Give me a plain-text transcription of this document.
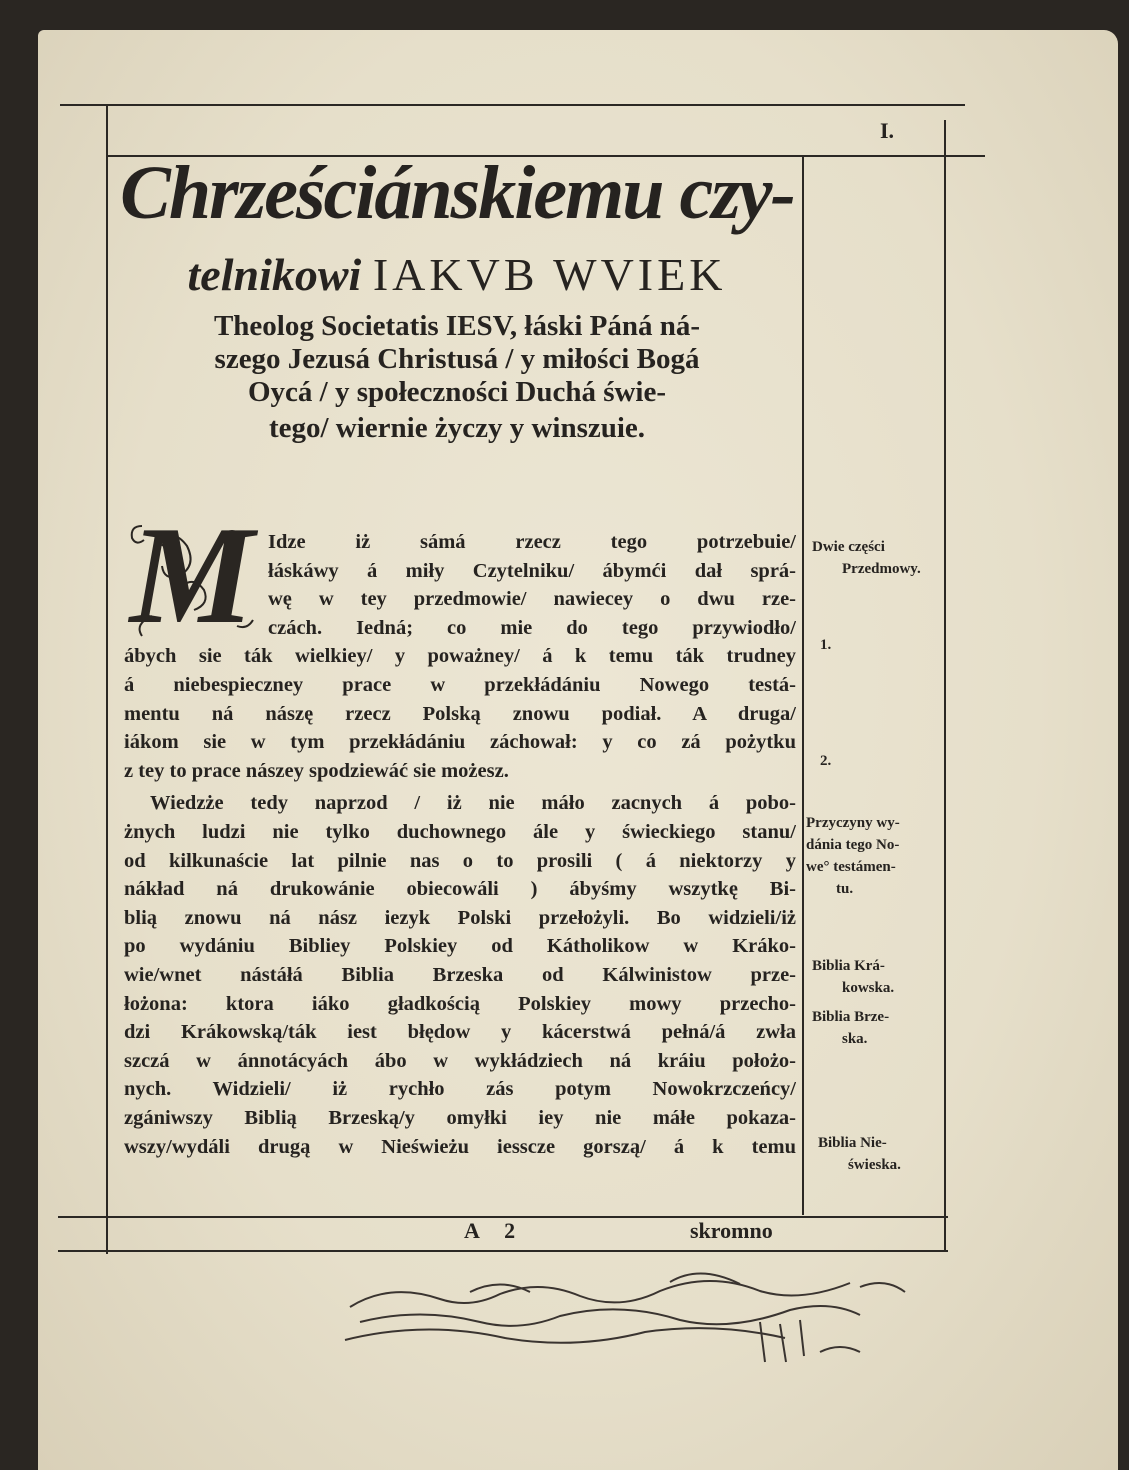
I.
Chrześciánskiemu czy-
telnikowi IAKVB WVIEK
Theolog Societatis IESV, łáski Páná ná-
szego Jezusá Christusá / y miłości Bogá
Oycá / y społeczności Duchá świe-
tego/ wiernie życzy y winszuie.
M Idze iż sámá rzecz tego potrzebuie/
łáskáwy á miły Czytelniku/ ábymći dał sprá-
wę w tey przedmowie/ nawiecey o dwu rze-
czách. Iedná; co mie do tego przywiodło/
ábych sie ták wielkiey/ y poważney/ á k temu ták trudney
á niebespieczney prace w przekłádániu Nowego testá-
mentu ná nászę rzecz Polską znowu podiał. A druga/
iákom sie w tym przekłádániu záchował: y co zá pożytku
z tey to prace nászey spodziewáć sie możesz.
Wiedzże tedy naprzod / iż nie máło zacnych á pobo-
żnych ludzi nie tylko duchownego ále y świeckiego stanu/
od kilkunaście lat pilnie nas o to prosili ( á niektorzy y
nákład ná drukowánie obiecowáli ) ábyśmy wszytkę Bi-
blią znowu ná nász iezyk Polski przełożyli. Bo widzieli/iż
po wydániu Bibliey Polskiey od Kátholikow w Kráko-
wie/wnet nástáłá Biblia Brzeska od Kálwinistow prze-
łożona: ktora iáko gładkością Polskiey mowy przecho-
dzi Krákowską/ták iest błędow y kácerstwá pełná/á zwła
szczá w ánnotácyách ábo w wykłádziech ná kráiu położo-
nych. Widzieli/ iż rychło zás potym Nowokrzczeńcy/
zgániwszy Biblią Brzeską/y omyłki iey nie máłe pokaza-
wszy/wydáli drugą w Nieświeżu iesscze gorszą/ á k temu
Dwie części
Przedmowy.
1.
2.
Przyczyny wy-
dánia tego No-
we° testámen-
tu.
Biblia Krá-
kowska.
Biblia Brze-
ska.
Biblia Nie-
świeska.
A 2	skromno
